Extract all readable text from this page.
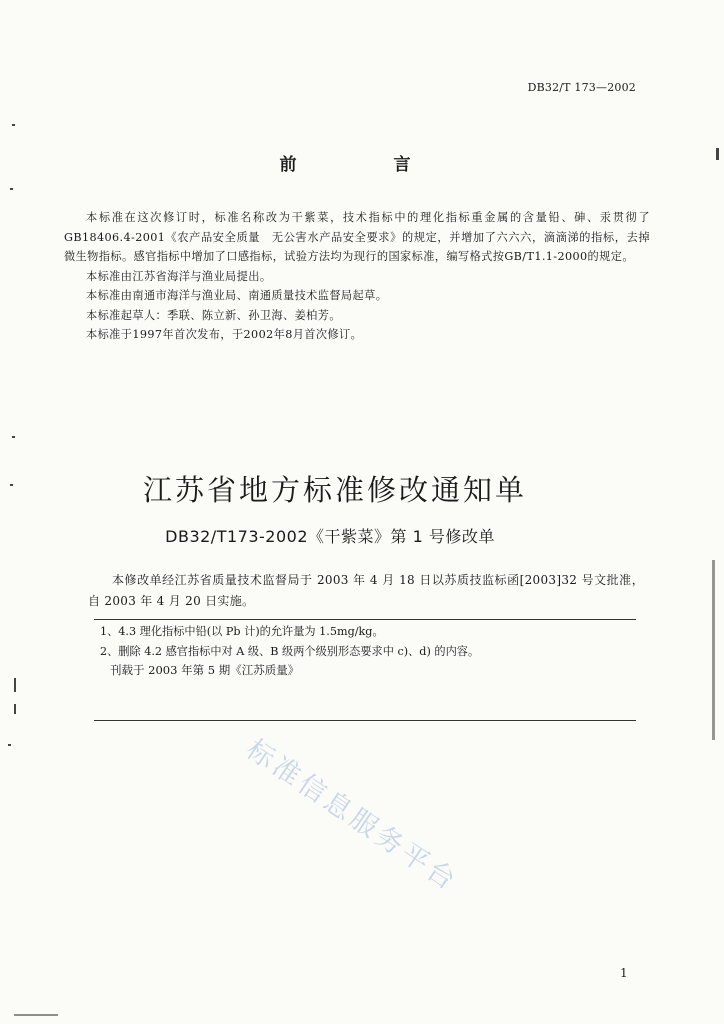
DB32/T 173—2002
前　言

本标准在这次修订时，标准名称改为干紫菜，技术指标中的理化指标重金属的含量铅、砷、汞贯彻了GB18406.4-2001《农产品安全质量　无公害水产品安全要求》的规定，并增加了六六六，滴滴涕的指标，去掉微生物指标。感官指标中增加了口感指标，试验方法均为现行的国家标准，编写格式按GB/T1.1-2000的规定。

本标准由江苏省海洋与渔业局提出。

本标准由南通市海洋与渔业局、南通质量技术监督局起草。

本标准起草人：季联、陈立新、孙卫海、姜柏芳。

本标准于1997年首次发布，于2002年8月首次修订。

江苏省地方标准修改通知单
DB32/T173-2002《干紫菜》第 1 号修改单

本修改单经江苏省质量技术监督局于 2003 年 4 月 18 日以苏质技监标函[2003]32 号文批准，自 2003 年 4 月 20 日实施。

1、4.3 理化指标中铅(以 Pb 计)的允许量为 1.5mg/kg。
2、删除 4.2 感官指标中对 A 级、B 级两个级别形态要求中 c)、d) 的内容。
刊载于 2003 年第 5 期《江苏质量》
标准信息服务平台
1
